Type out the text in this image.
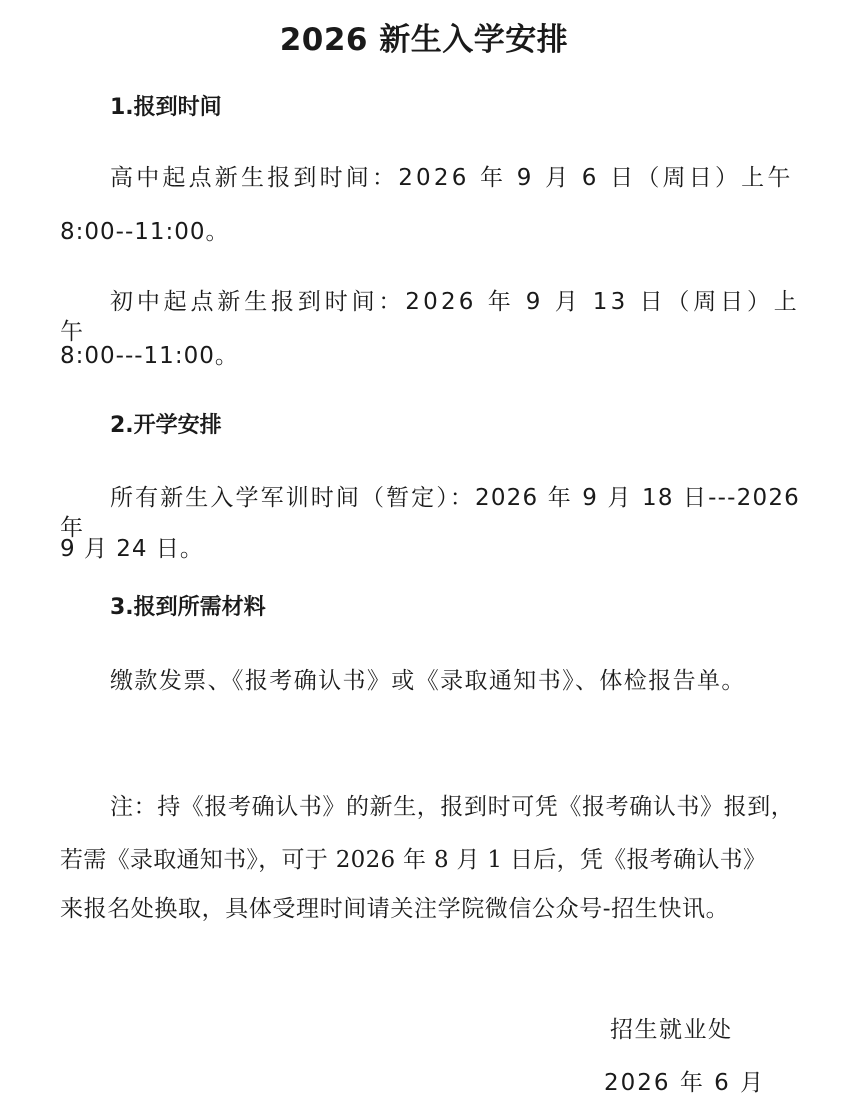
2026 新生入学安排
1.报到时间
高中起点新生报到时间：2026 年 9 月 6 日（周日）上午
8:00--11:00。
初中起点新生报到时间：2026 年 9 月 13 日（周日）上午
8:00---11:00。
2.开学安排
所有新生入学军训时间（暂定）：2026 年 9 月 18 日---2026 年
9 月 24 日。
3.报到所需材料
缴款发票、《报考确认书》或《录取通知书》、体检报告单。
注：持《报考确认书》的新生，报到时可凭《报考确认书》报到，
若需《录取通知书》，可于 2026 年 8 月 1 日后，凭《报考确认书》
来报名处换取，具体受理时间请关注学院微信公众号-招生快讯。
招生就业处
2026 年 6 月
